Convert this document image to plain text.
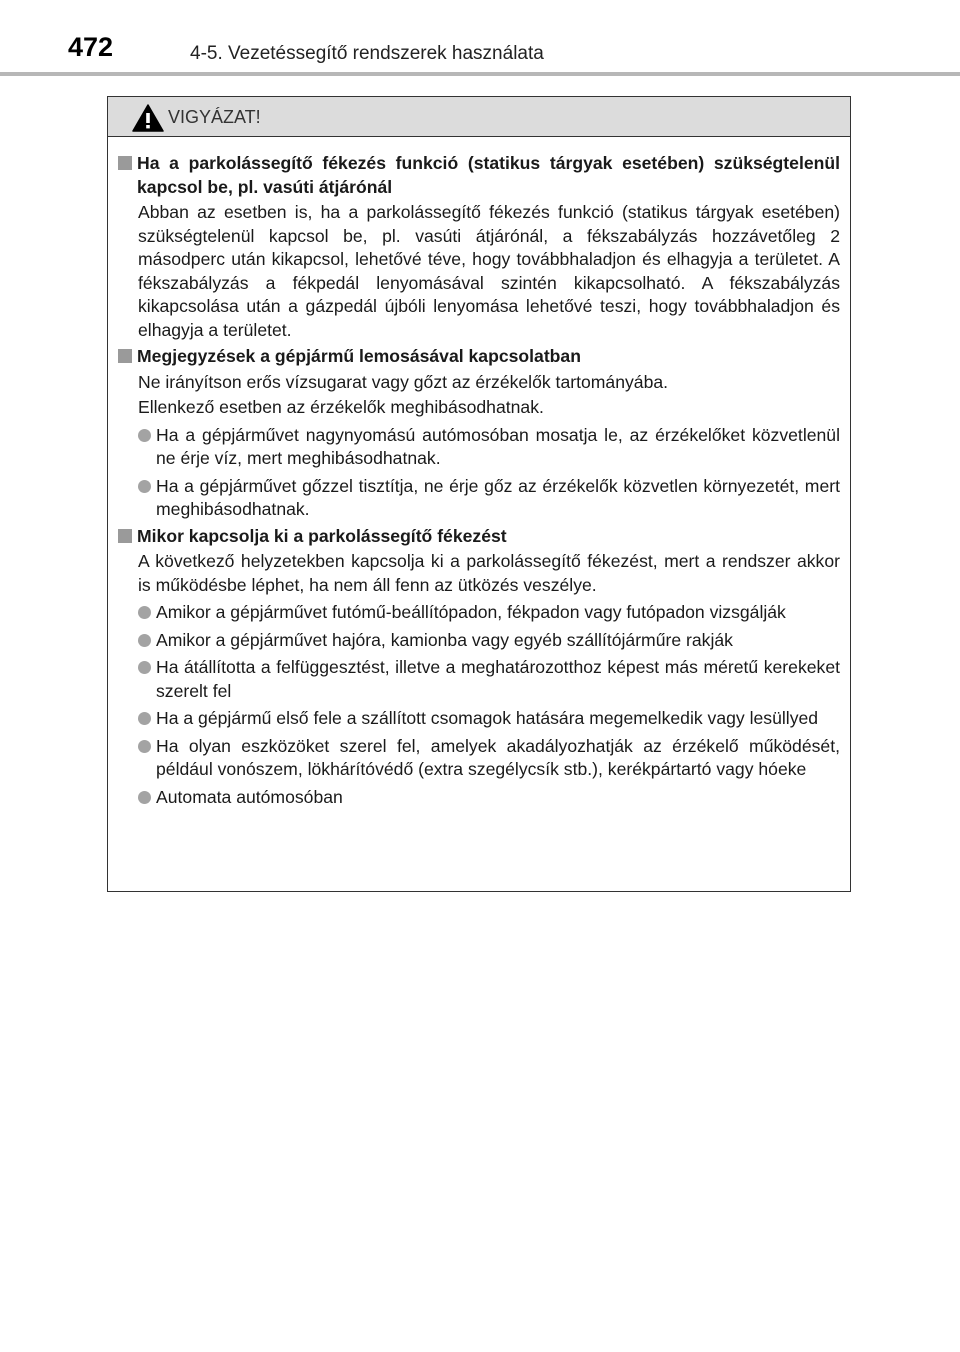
472	4-5. Vezetéssegítő rendszerek használata
VIGYÁZAT!
Ha a parkolássegítő fékezés funkció (statikus tárgyak esetében) szükségtelenül kapcsol be, pl. vasúti átjárónál
Abban az esetben is, ha a parkolássegítő fékezés funkció (statikus tárgyak esetében) szükségtelenül kapcsol be, pl. vasúti átjárónál, a fékszabályzás hozzávetőleg 2 másodperc után kikapcsol, lehetővé téve, hogy továbbhaladjon és elhagyja a területet. A fékszabályzás a fékpedál lenyomásával szintén kikapcsolható. A fékszabályzás kikapcsolása után a gázpedál újbóli lenyomása lehetővé teszi, hogy továbbhaladjon és elhagyja a területet.
Megjegyzések a gépjármű lemosásával kapcsolatban
Ne irányítson erős vízsugarat vagy gőzt az érzékelők tartományába.
Ellenkező esetben az érzékelők meghibásodhatnak.
Ha a gépjárművet nagynyomású autómosóban mosatja le, az érzékelőket közvetlenül ne érje víz, mert meghibásodhatnak.
Ha a gépjárművet gőzzel tisztítja, ne érje gőz az érzékelők közvetlen környezetét, mert meghibásodhatnak.
Mikor kapcsolja ki a parkolássegítő fékezést
A következő helyzetekben kapcsolja ki a parkolássegítő fékezést, mert a rendszer akkor is működésbe léphet, ha nem áll fenn az ütközés veszélye.
Amikor a gépjárművet futómű-beállítópadon, fékpadon vagy futópadon vizsgálják
Amikor a gépjárművet hajóra, kamionba vagy egyéb szállítójárműre rakják
Ha átállította a felfüggesztést, illetve a meghatározotthoz képest más méretű kerekeket szerelt fel
Ha a gépjármű első fele a szállított csomagok hatására megemelkedik vagy lesüllyed
Ha olyan eszközöket szerel fel, amelyek akadályozhatják az érzékelő működését, például vonószem, lökhárítóvédő (extra szegélycsík stb.), kerékpártartó vagy hóeke
Automata autómosóban
